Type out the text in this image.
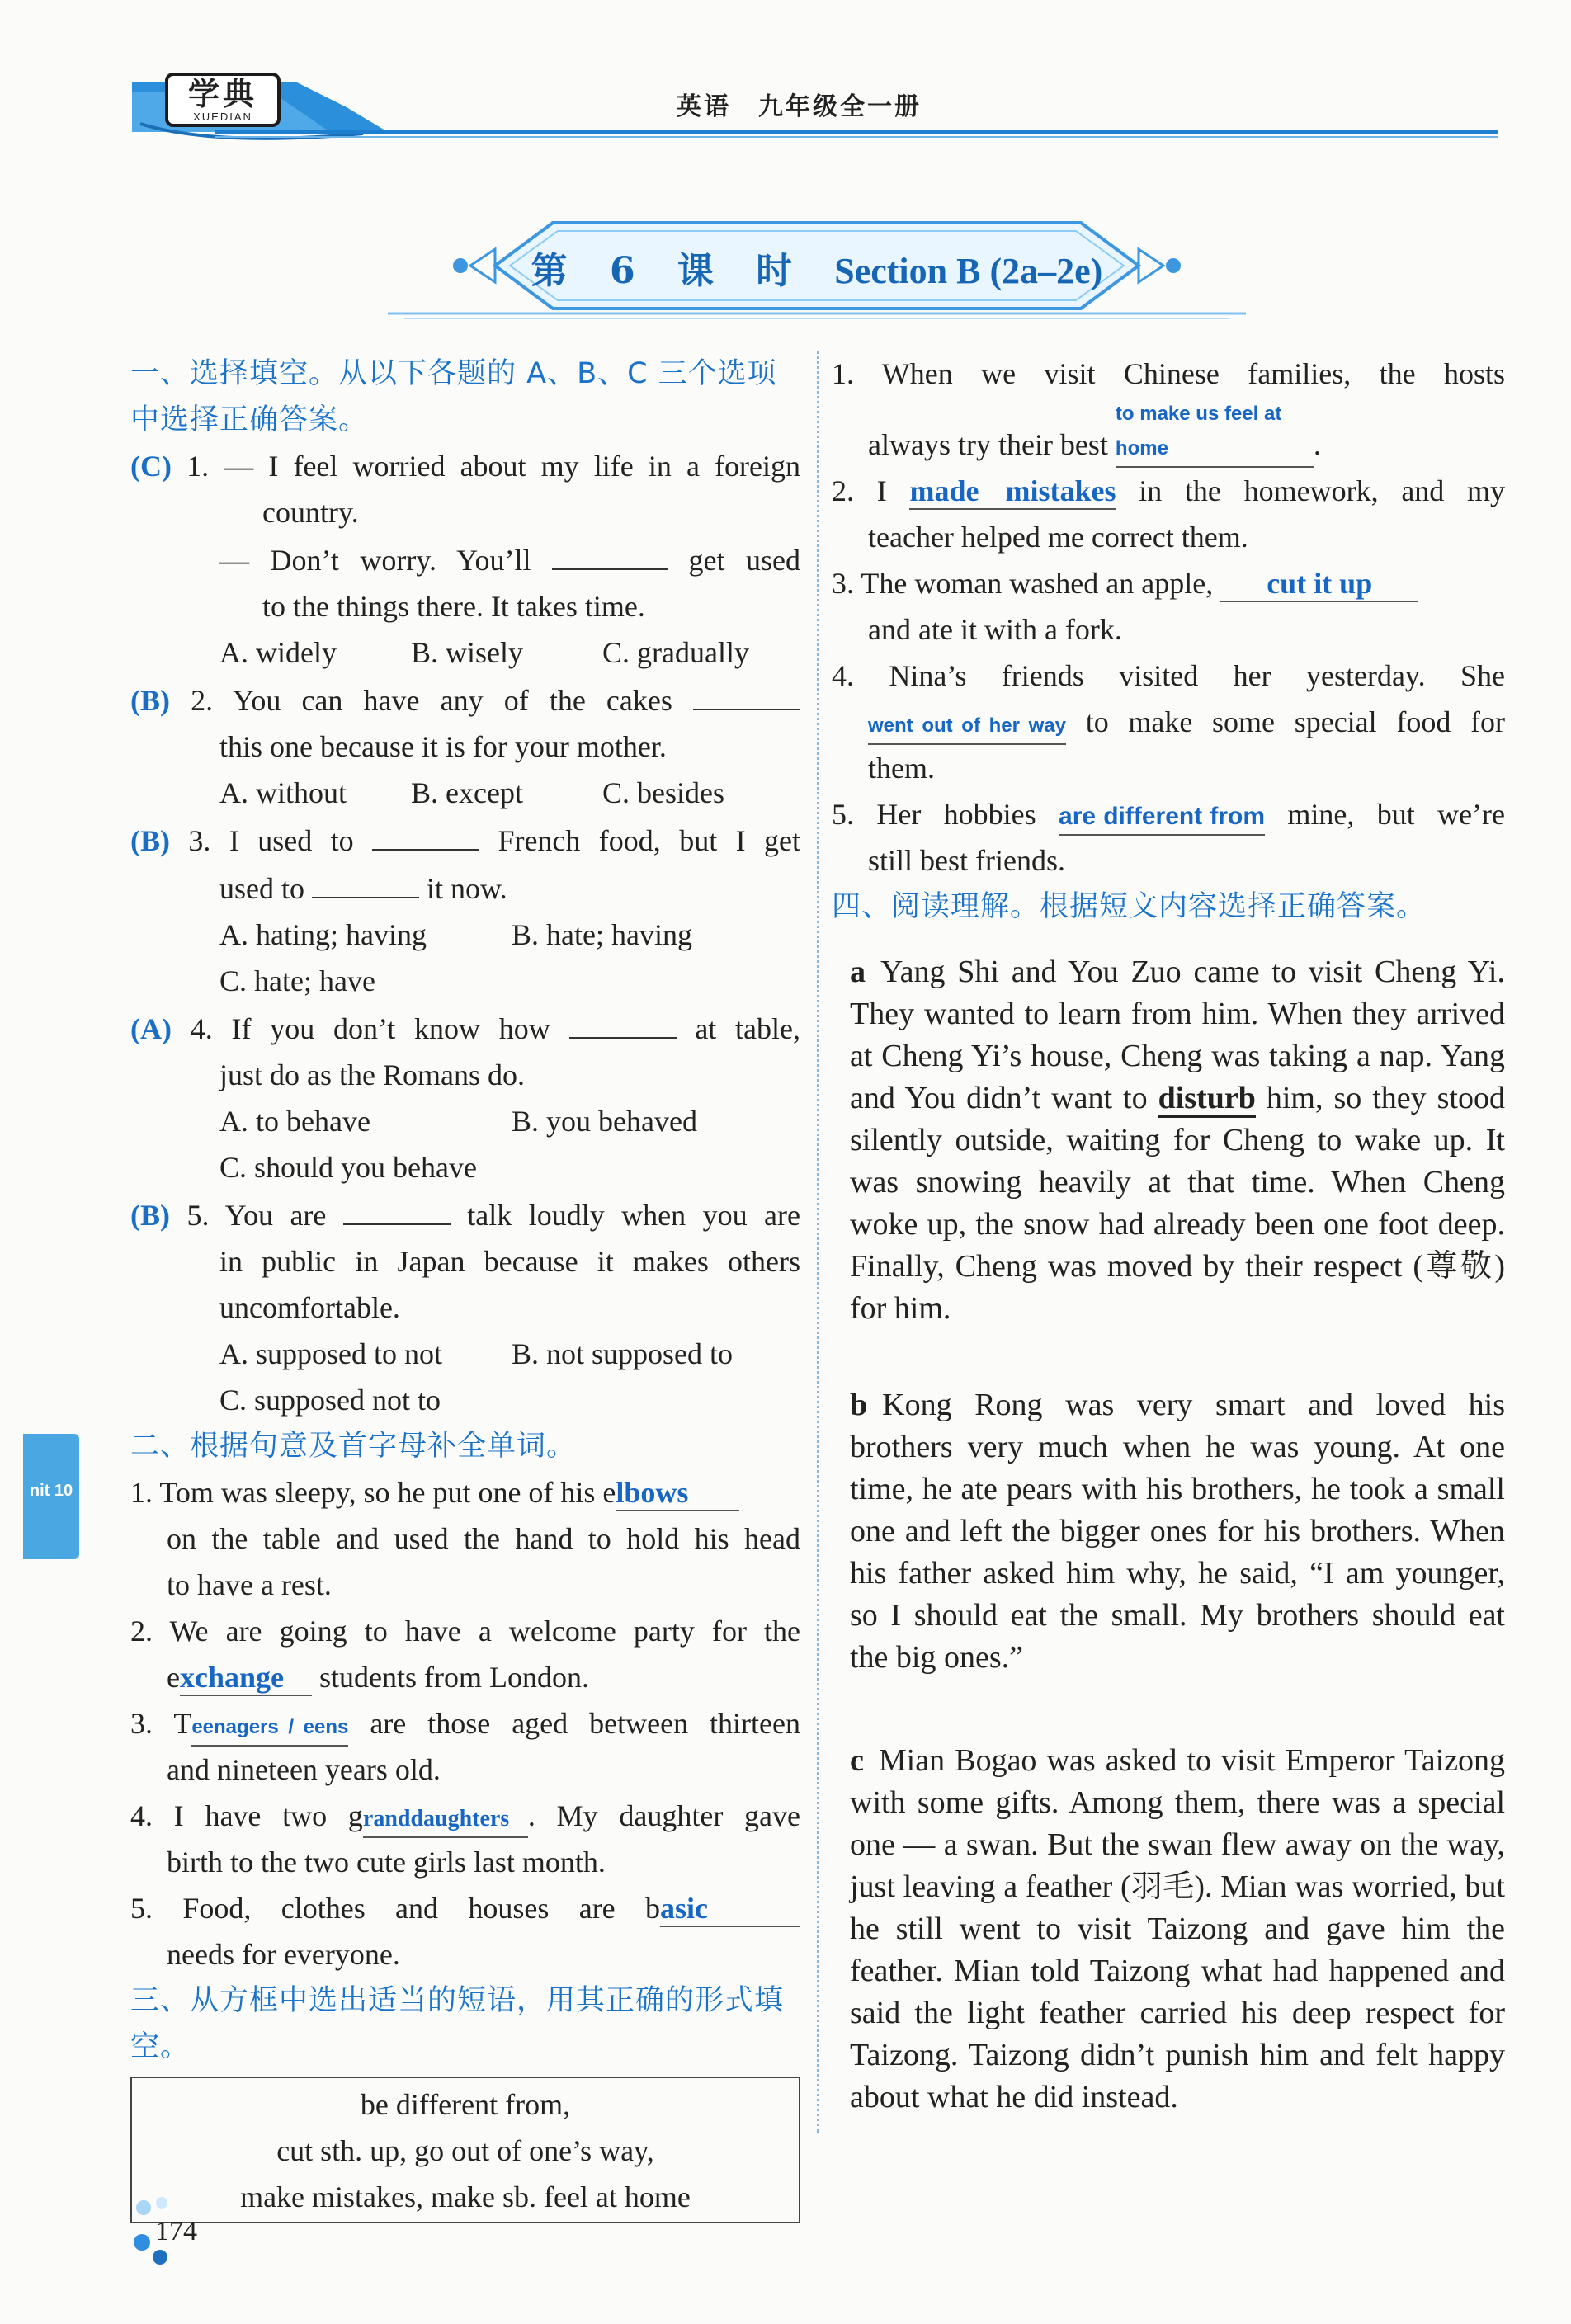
学典
XUEDIAN	英语　九年级全一册
第 6 课 时 Section B (2a–2e)
一、选择填空。从以下各题的 A、B、C 三个选项中选择正确答案。
(C) 1. — I feel worried about my life in a foreign
country.
— Don’t worry. You’ll	get used
to the things there. It takes time.
A. widely	B. wisely	C. gradually
(B) 2. You can have any of the cakes
this one because it is for your mother.
A. without B. except	C. besides
(B) 3. I used to	French food, but I get
used to	it now.
A. hating; having	B. hate; having
C. hate; have
(A) 4. If you don’t know how	at table,
just do as the Romans do.
A. to behave	B. you behaved
C. should you behave
(B) 5. You are	talk loudly when you are
in public in Japan because it makes others
uncomfortable.
A. supposed to not B. not supposed to
C. supposed not to
二、根据句意及首字母补全单词。
1. Tom was sleepy, so he put one of his elbows
on the table and used the hand to hold his head
to have a rest.
2. We are going to have a welcome party for the
exchange students from London.
3. Teenagers / eens are those aged between thirteen
and nineteen years old.
4. I have two granddaughters . My daughter gave
birth to the two cute girls last month.
5. Food, clothes and houses are basic
needs for everyone.
三、从方框中选出适当的短语，用其正确的形式填空。
be different from,
cut sth. up, go out of one’s way,
make mistakes, make sb. feel at home
1. When we visit Chinese families, the hosts
always try their best to make us feel at home	.
2. I made mistakes in the homework, and my
teacher helped me correct them.
3. The woman washed an apple, cut it up
and ate it with a fork.
4. Nina’s friends visited her yesterday. She
went out of her way to make some special food for
them.
5. Her hobbies are different from mine, but we’re
still best friends.
四、阅读理解。根据短文内容选择正确答案。
a Yang Shi and You Zuo came to visit Cheng Yi. They wanted to learn from him. When they arrived at Cheng Yi’s house, Cheng was taking a nap. Yang and You didn’t want to disturb him, so they stood silently outside, waiting for Cheng to wake up. It was snowing heavily at that time. When Cheng woke up, the snow had already been one foot deep. Finally, Cheng was moved by their respect (尊敬) for him.
b Kong Rong was very smart and loved his brothers very much when he was young. At one time, he ate pears with his brothers, he took a small one and left the bigger ones for his brothers. When his father asked him why, he said, “I am younger, so I should eat the small. My brothers should eat the big ones.”
c Mian Bogao was asked to visit Emperor Taizong with some gifts. Among them, there was a special one — a swan. But the swan flew away on the way, just leaving a feather (羽毛). Mian was worried, but he still went to visit Taizong and gave him the feather. Mian told Taizong what had happened and said the light feather carried his deep respect for Taizong. Taizong didn’t punish him and felt happy about what he did instead.
nit 10
174
